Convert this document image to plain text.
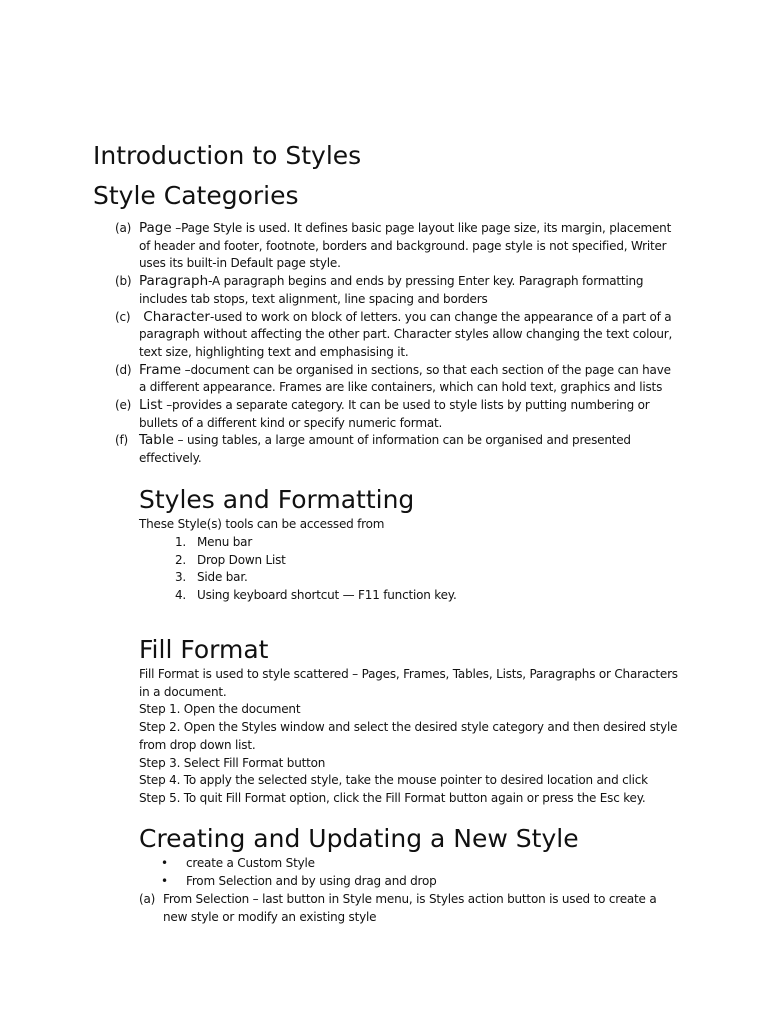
Introduction to Styles
Style Categories
(a) Page –Page Style is used. It defines basic page layout like page size, its margin, placement of header and footer, footnote, borders and background. page style is not specified, Writer uses its built-in Default page style.
(b) Paragraph-A paragraph begins and ends by pressing Enter key. Paragraph formatting includes tab stops, text alignment, line spacing and borders
(c) Character-used to work on block of letters. you can change the appearance of a part of a paragraph without affecting the other part. Character styles allow changing the text colour, text size, highlighting text and emphasising it.
(d) Frame –document can be organised in sections, so that each section of the page can have a different appearance. Frames are like containers, which can hold text, graphics and lists
(e) List –provides a separate category. It can be used to style lists by putting numbering or bullets of a different kind or specify numeric format.
(f) Table – using tables, a large amount of information can be organised and presented effectively.
Styles and Formatting

These Style(s) tools can be accessed from

1. Menu bar
2. Drop Down List
3. Side bar.
4. Using keyboard shortcut — F11 function key.
Fill Format
Fill Format is used to style scattered – Pages, Frames, Tables, Lists, Paragraphs or Characters in a document.
Step 1. Open the document
Step 2. Open the Styles window and select the desired style category and then desired style from drop down list.
Step 3. Select Fill Format button
Step 4. To apply the selected style, take the mouse pointer to desired location and click
Step 5. To quit Fill Format option, click the Fill Format button again or press the Esc key.
Creating and Updating a New Style
•	create a Custom Style
•	From Selection and by using drag and drop
(a) From Selection – last button in Style menu, is Styles action button is used to create a new style or modify an existing style
